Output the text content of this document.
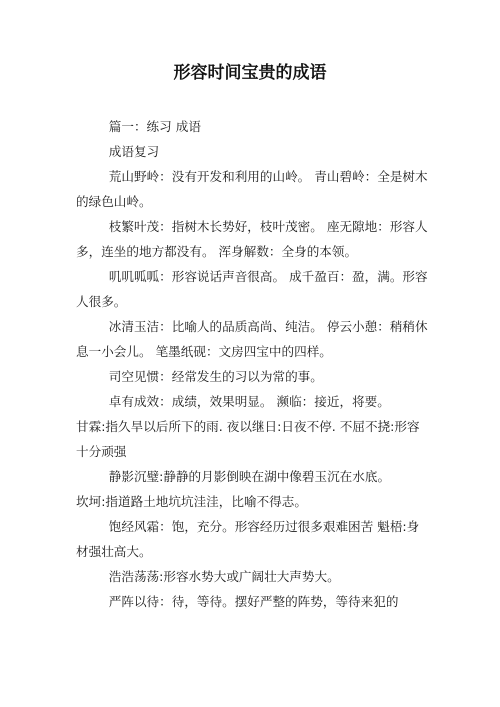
形容时间宝贵的成语

篇一：练习 成语

成语复习

荒山野岭：没有开发和利用的山岭。 青山碧岭：全是树木的绿色山岭。

枝繁叶茂：指树木长势好，枝叶茂密。 座无隙地：形容人多，连坐的地方都没有。 浑身解数：全身的本领。

叽叽呱呱：形容说话声音很高。 成千盈百：盈，满。形容人很多。

冰清玉洁：比喻人的品质高尚、纯洁。 停云小憩：稍稍休息一小会儿。 笔墨纸砚：文房四宝中的四样。

司空见惯：经常发生的习以为常的事。

卓有成效：成绩，效果明显。 濒临：接近，将要。

甘霖:指久旱以后所下的雨. 夜以继日:日夜不停. 不屈不挠:形容十分顽强

静影沉璧:静静的月影倒映在湖中像碧玉沉在水底。

坎坷:指道路土地坑坑洼洼，比喻不得志。

饱经风霜：饱，充分。形容经历过很多艰难困苦 魁梧:身材强壮高大。

浩浩荡荡:形容水势大或广阔壮大声势大。

严阵以待：待，等待。摆好严整的阵势，等待来犯的
